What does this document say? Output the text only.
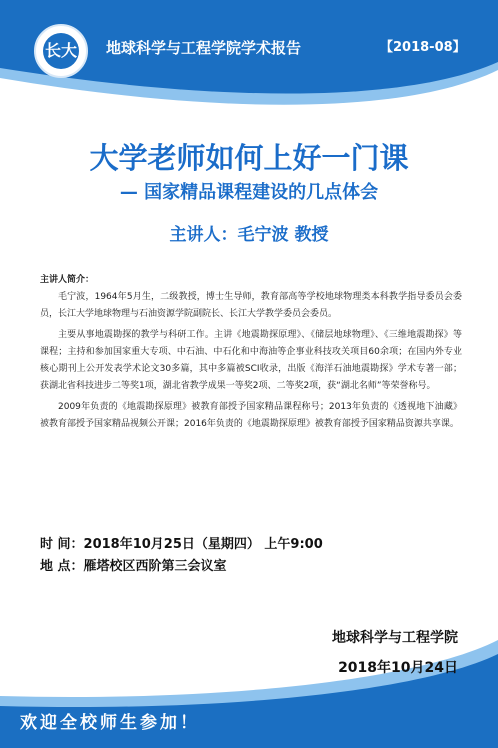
长大 地球科学与工程学院学术报告	【2018-08】
大学老师如何上好一门课
— 国家精品课程建设的几点体会
主讲人：毛宁波 教授
主讲人简介：

毛宁波，1964年5月生，二级教授，博士生导师，教育部高等学校地球物理类本科教学指导委员会委员，长江大学地球物理与石油资源学院副院长、长江大学教学委员会委员。

主要从事地震勘探的教学与科研工作。主讲《地震勘探原理》、《储层地球物理》、《三维地震勘探》等课程；主持和参加国家重大专项、中石油、中石化和中海油等企事业科技攻关项目60余项；在国内外专业核心期刊上公开发表学术论文30多篇，其中多篇被SCI收录，出版《海洋石油地震勘探》学术专著一部；获湖北省科技进步二等奖1项，湖北省教学成果一等奖2项、二等奖2项，获“湖北名师”等荣誉称号。

2009年负责的《地震勘探原理》被教育部授予国家精品课程称号；2013年负责的《透视地下油藏》被教育部授予国家精品视频公开课；2016年负责的《地震勘探原理》被教育部授予国家精品资源共享课。

时 间：2018年10月25日（星期四） 上午9:00
地 点：雁塔校区西阶第三会议室
地球科学与工程学院
2018年10月24日
欢迎全校师生参加！
